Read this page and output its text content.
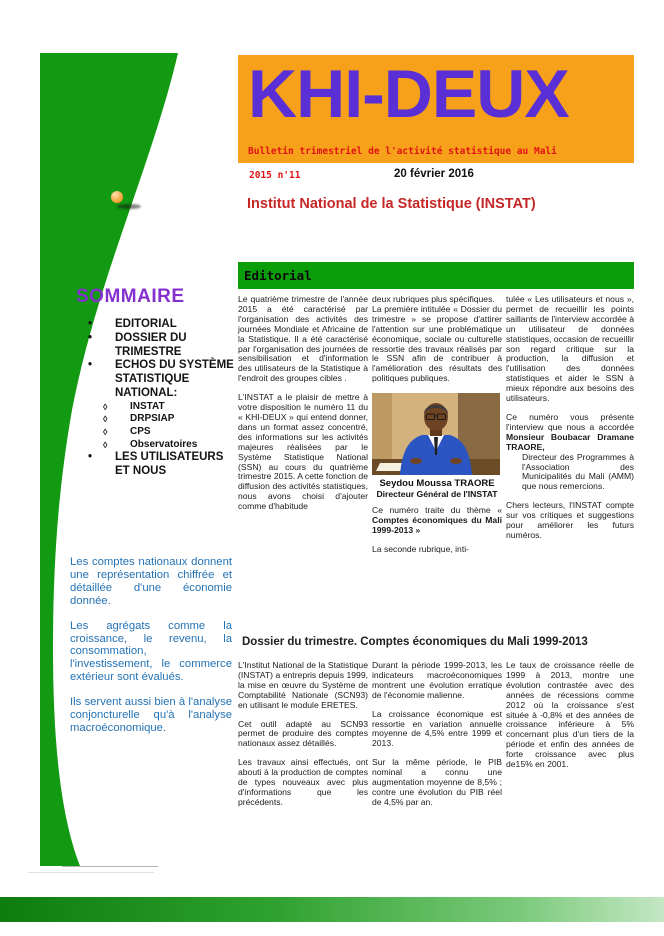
KHI-DEUX
Bulletin trimestriel de l'activité statistique au Mali
2015 n'11	20 février 2016
Institut National de la Statistique (INSTAT)
SOMMAIRE
•	EDITORIAL
•	DOSSIER DU TRIMESTRE
•	ECHOS DU SYSTÈME STATISTIQUE NATIONAL:
◊	INSTAT
◊	DRPSIAP
◊	CPS
◊	Observatoires
•	LES UTILISATEURS ET NOUS

Les comptes nationaux donnent une représentation chiffrée et détaillée d'une économie donnée.

Les agrégats comme la croissance, le revenu, la consommation, l'investissement, le commerce extérieur sont évalués.

Ils servent aussi bien à l'analyse conjoncturelle qu'à l'analyse macroéconomique.

Editorial

Le quatrième trimestre de l'année 2015 a été caractérisé par l'organisation des activités des journées Mondiale et Africaine de la Statistique. Il a été caractérisé par l'organisation des journées de sensibilisation et d'information des utilisateurs de la Statistique à l'endroit des groupes cibles .

L'INSTAT a le plaisir de mettre à votre disposition le numéro 11 du « KHI-DEUX » qui entend donner, dans un format assez concentré, des informations sur les activités majeures réalisées par le Système Statistique National (SSN) au cours du quatrième trimestre 2015. A cette fonction de diffusion des activités statistiques, nous avons choisi d'ajouter comme d'habitude

deux rubriques plus spécifiques.

La première intitulée « Dossier du trimestre » se propose d'attirer l'attention sur une problématique économique, sociale ou culturelle ressortie des travaux réalisés par le SSN afin de contribuer à l'amélioration des résultats des politiques publiques.

Seydou Moussa TRAORE
Directeur Général de l'INSTAT

Ce numéro traite du thème « Comptes économiques du Mali 1999-2013 »

La seconde rubrique, inti-

tulée « Les utilisateurs et nous », permet de recueillir les points saillants de l'interview accordée à un utilisateur de données statistiques, occasion de recueillir son regard critique sur la production, la diffusion et l'utilisation des données statistiques et aider le SSN à mieux répondre aux besoins des utilisateurs.

Ce numéro vous présente l'interview que nous a accordée Monsieur Boubacar Dramane TRAORE,

Directeur des Programmes à l'Association des Municipalités du Mali (AMM) que nous remercions.

Chers lecteurs, l'INSTAT compte sur vos critiques et suggestions pour améliorer les futurs numéros.

Dossier du trimestre. Comptes économiques du Mali 1999-2013

L'Institut National de la Statistique (INSTAT) a entrepris depuis 1999, la mise en œuvre du Système de Comptabilité Nationale (SCN93) en utilisant le module ERETES.

Cet outil adapté au SCN93 permet de produire des comptes nationaux assez détaillés.

Les travaux ainsi effectués, ont abouti à la production de comptes de types nouveaux avec plus d'informations que les précédents.

Durant la période 1999-2013, les indicateurs macroéconomiques montrent une évolution erratique de l'économie malienne.

La croissance économique est ressortie en variation annuelle moyenne de 4,5% entre 1999 et 2013.

Sur la même période, le PIB nominal a connu une augmentation moyenne de 8,5% ; contre une évolution du PIB réel de 4,5% par an.

Le taux de croissance réelle de 1999 à 2013, montre une évolution contrastée avec des années de récessions comme 2012 où la croissance s'est située à -0,8% et des années de croissance inférieure à 5% concernant plus d'un tiers de la période et enfin des années de forte croissance avec plus de15% en 2001.
